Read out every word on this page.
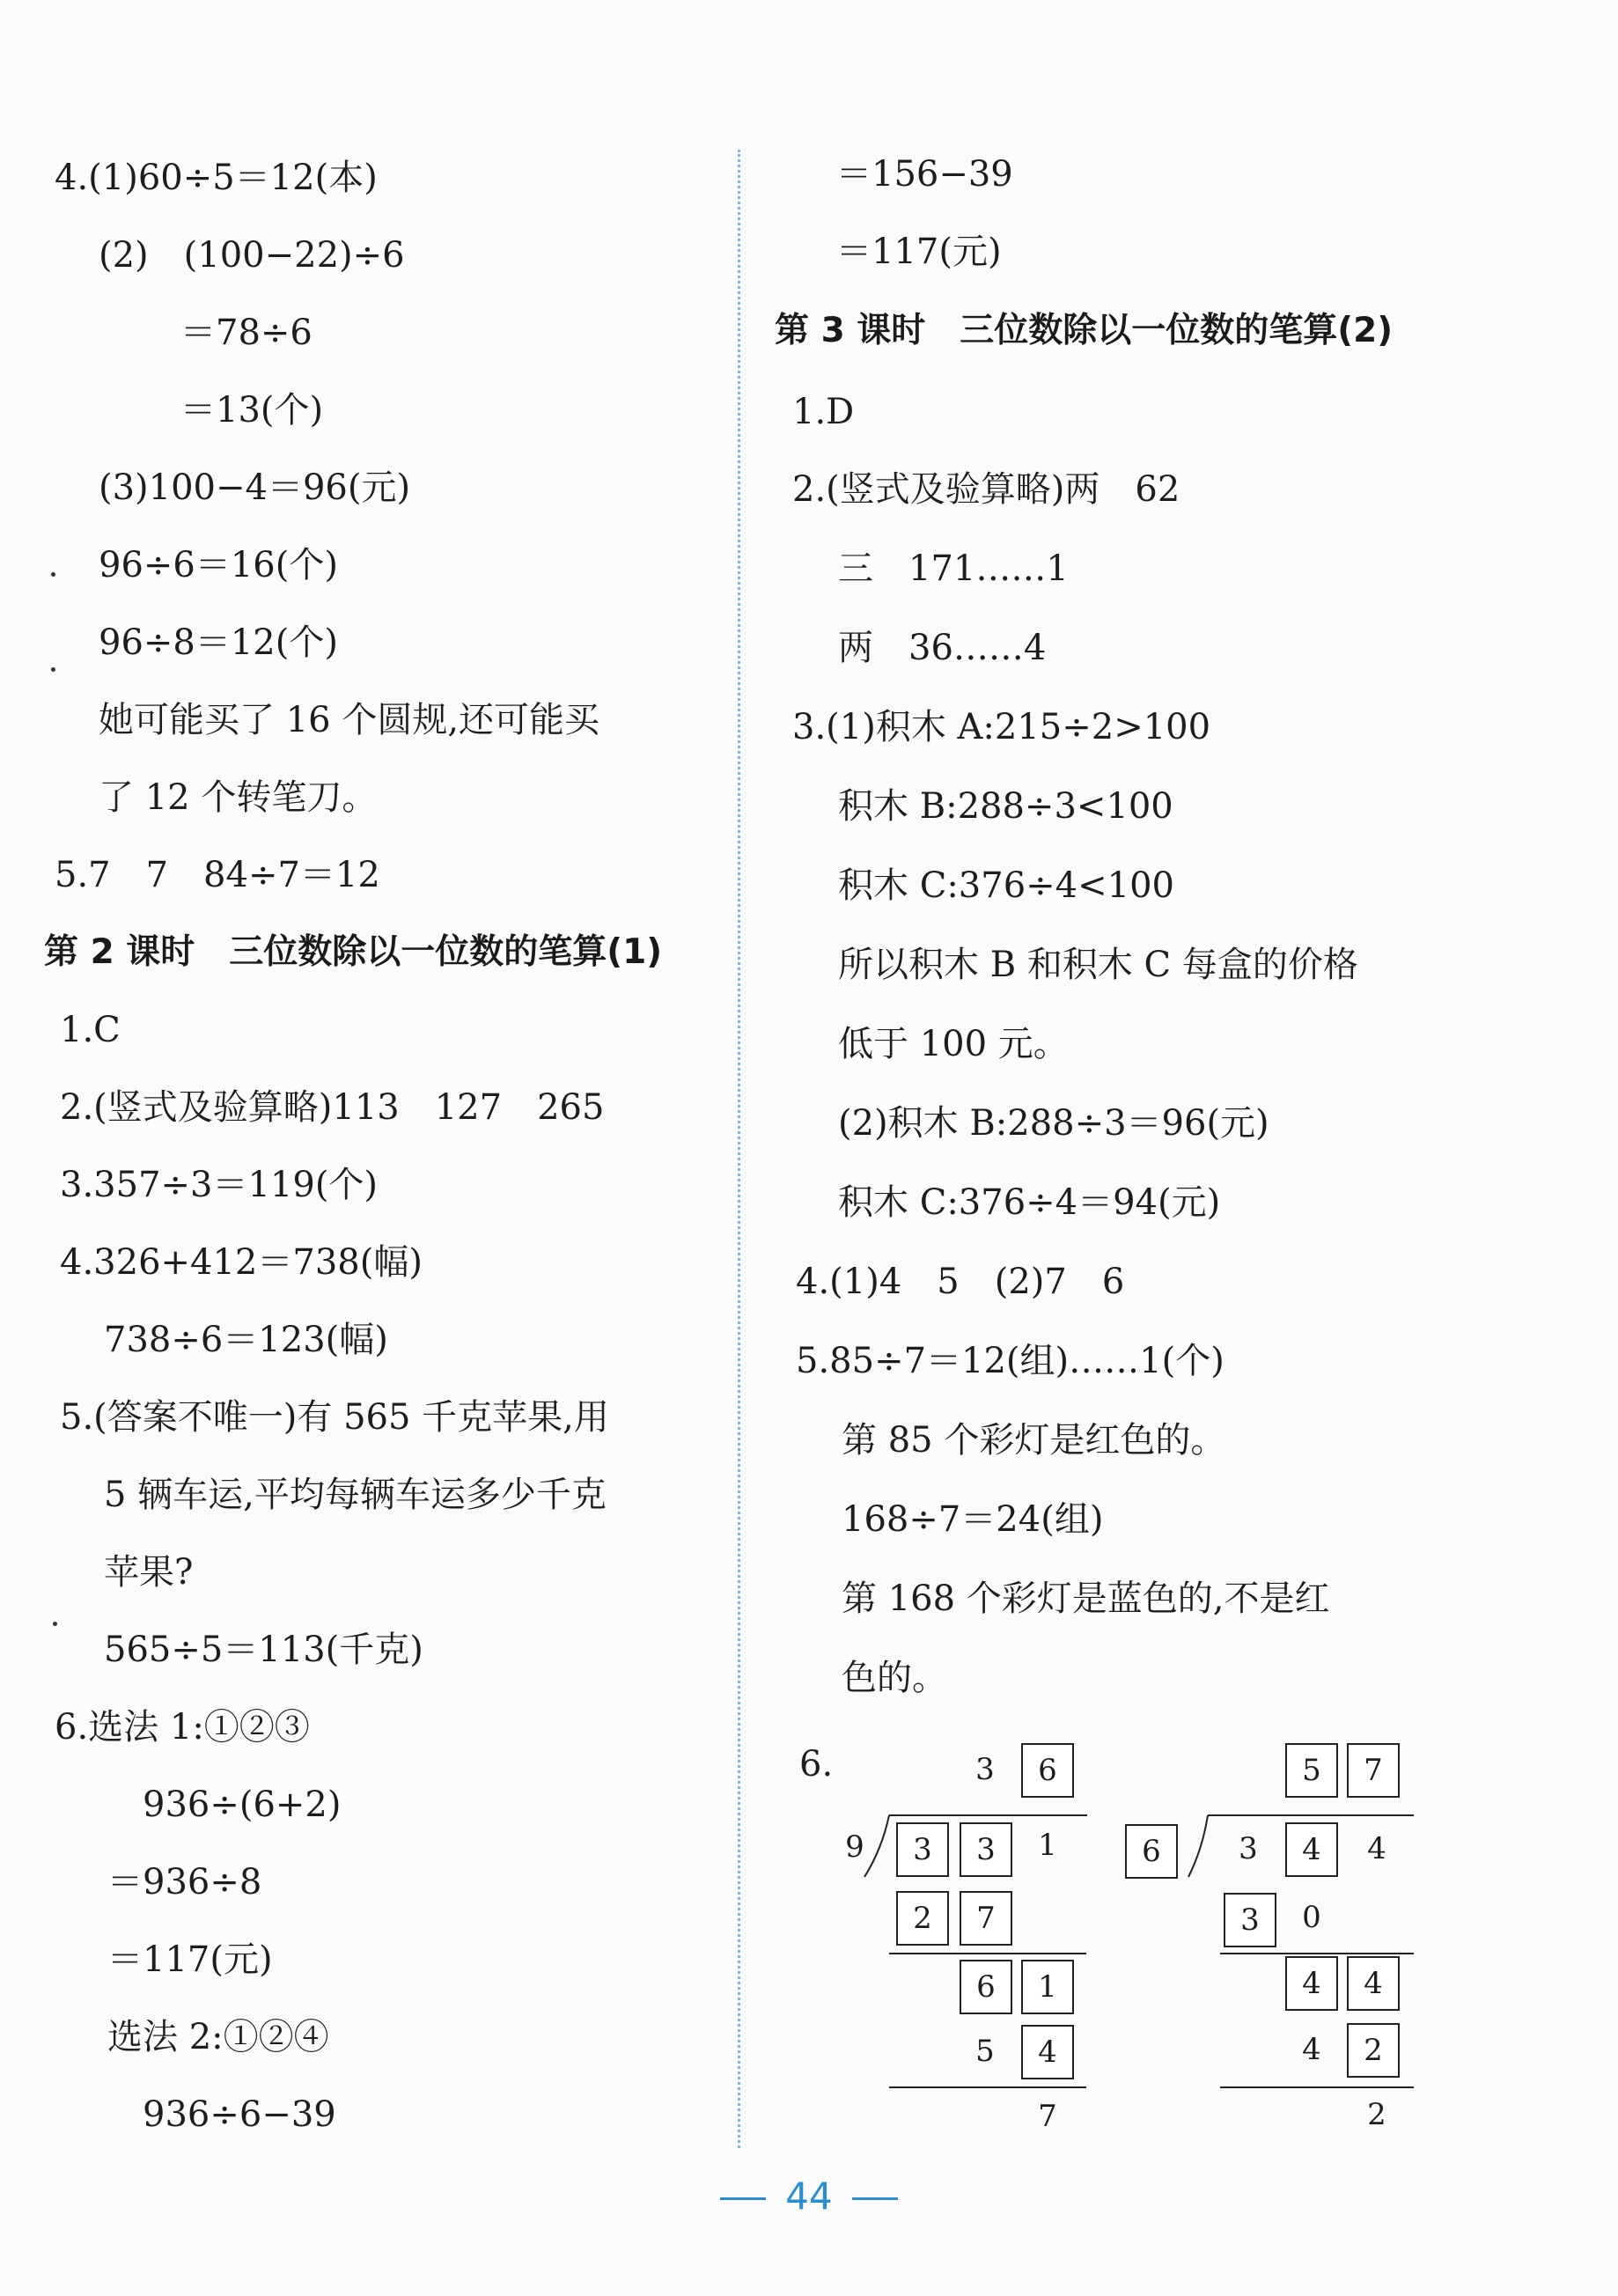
4.(1)60÷5＝12(本)
(2)　(100−22)÷6
＝78÷6
＝13(个)
(3)100−4＝96(元)
96÷6＝16(个)
96÷8＝12(个)
她可能买了 16 个圆规,还可能买
了 12 个转笔刀。
5.7　7　84÷7＝12
第 2 课时　三位数除以一位数的笔算(1)
1.C
2.(竖式及验算略)113　127　265
3.357÷3＝119(个)
4.326+412＝738(幅)
738÷6＝123(幅)
5.(答案不唯一)有 565 千克苹果,用
5 辆车运,平均每辆车运多少千克
苹果?
565÷5＝113(千克)
6.选法 1:①②③
936÷(6+2)
＝936÷8
＝117(元)
选法 2:①②④
936÷6−39
＝156−39
＝117(元)
第 3 课时　三位数除以一位数的笔算(2)
1.D
2.(竖式及验算略)两　62
三　171……1
两　36……4
3.(1)积木 A:215÷2>100
积木 B:288÷3<100
积木 C:376÷4<100
所以积木 B 和积木 C 每盒的价格
低于 100 元。
(2)积木 B:288÷3＝96(元)
积木 C:376÷4＝94(元)
4.(1)4　5　(2)7　6
5.85÷7＝12(组)……1(个)
第 85 个彩灯是红色的。
168÷7＝24(组)
第 168 个彩灯是蓝色的,不是红
色的。
6.	3	6
9	3	3	1
2	7
6	1
5	4
7
5	7
6	3	4	4
3	0
4	4
4	2
2
44
